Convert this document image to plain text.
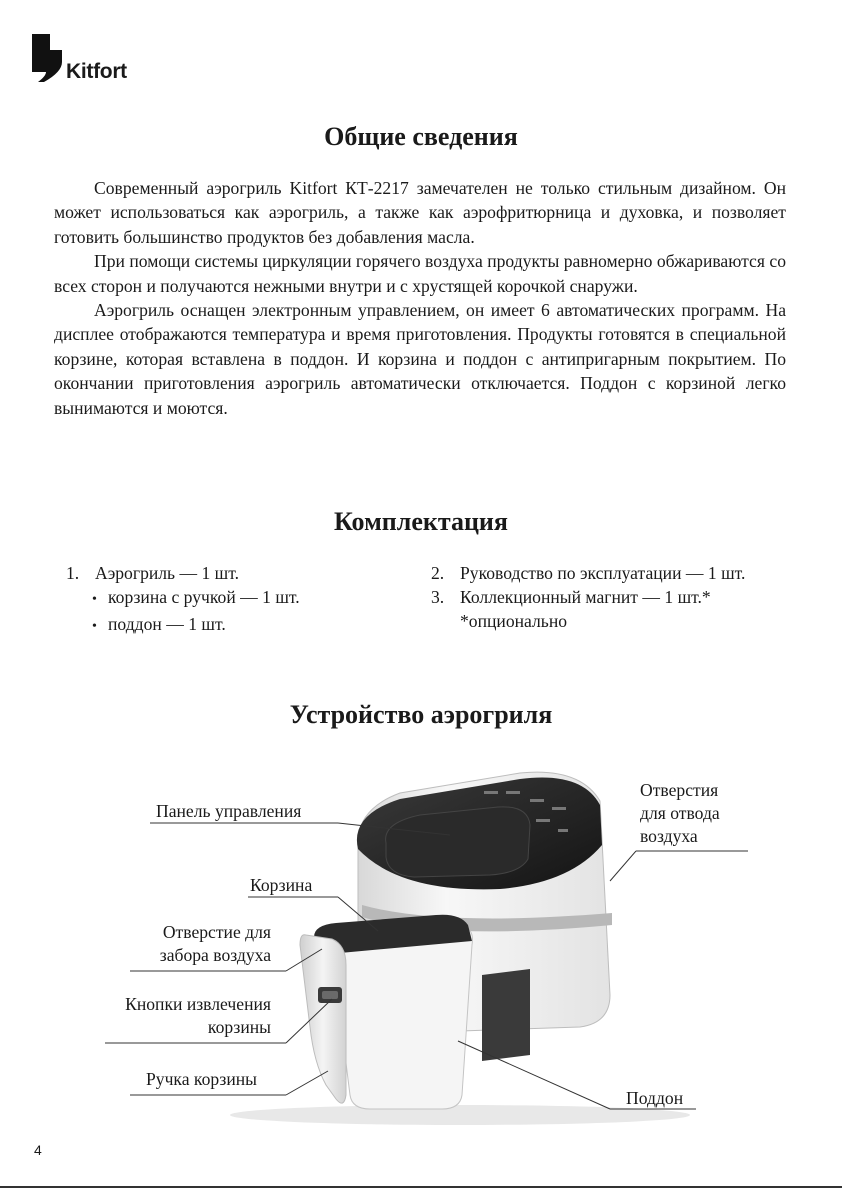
Kitfort
Общие сведения

Современный аэрогриль Kitfort КТ-2217 замечателен не только стильным дизайном. Он может использоваться как аэрогриль, а также как аэрофритюрница и духовка, и позволяет готовить большинство продуктов без добавления масла.

При помощи системы циркуляции горячего воздуха продукты равномерно обжариваются со всех сторон и получаются нежными внутри и с хрустящей корочкой снаружи.

Аэрогриль оснащен электронным управлением, он имеет 6 автоматических программ. На дисплее отображаются температура и время приготовления. Продукты готовятся в специальной корзине, которая вставлена в поддон. И корзина и поддон с антипригарным покрытием. По окончании приготовления аэрогриль автоматически отключается. Поддон с корзиной легко вынимаются и моются.

Комплектация
1. Аэрогриль — 1 шт.
• корзина с ручкой — 1 шт.
• поддон — 1 шт.
2. Руководство по эксплуатации — 1 шт.
3. Коллекционный магнит — 1 шт.*
*опционально
Устройство аэрогриля
Панель управления
Корзина
Отверстие для
забора воздуха
Кнопки извлечения
корзины
Ручка корзины
Отверстия
для отвода
воздуха
Поддон
4
